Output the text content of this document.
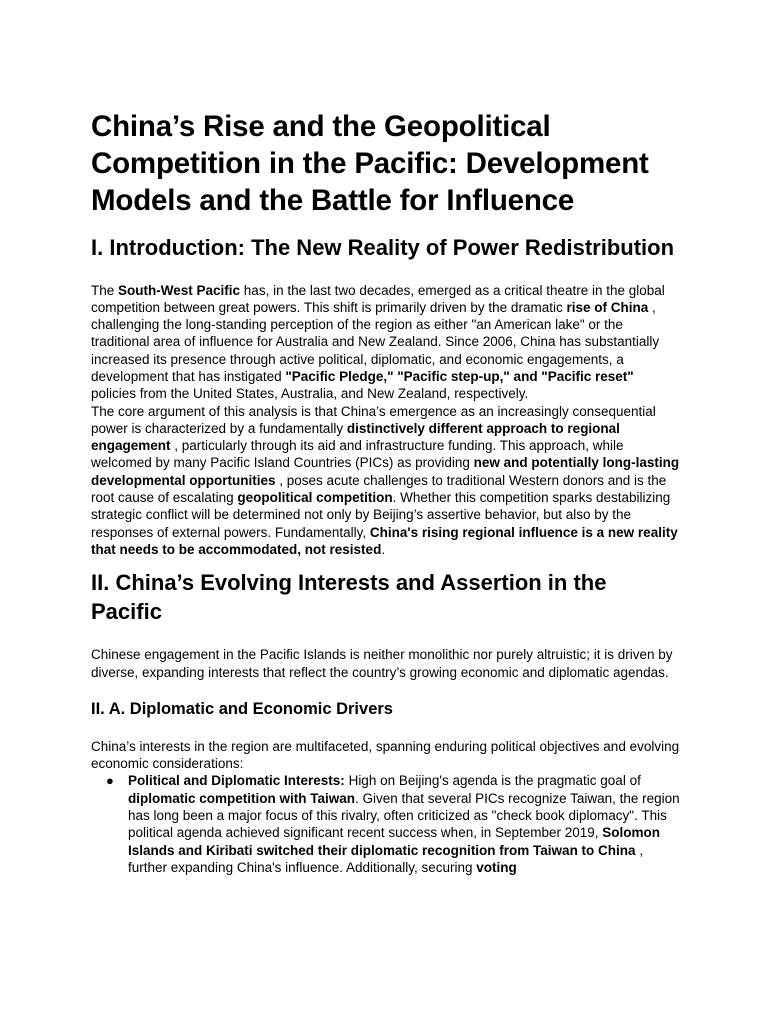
China’s Rise and the Geopolitical Competition in the Pacific: Development Models and the Battle for Influence
I. Introduction: The New Reality of Power Redistribution

The South-West Pacific has, in the last two decades, emerged as a critical theatre in the global competition between great powers. This shift is primarily driven by the dramatic rise of China , challenging the long-standing perception of the region as either "an American lake" or the traditional area of influence for Australia and New Zealand. Since 2006, China has substantially increased its presence through active political, diplomatic, and economic engagements, a development that has instigated "Pacific Pledge," "Pacific step-up," and "Pacific reset" policies from the United States, Australia, and New Zealand, respectively.

The core argument of this analysis is that China’s emergence as an increasingly consequential power is characterized by a fundamentally distinctively different approach to regional engagement , particularly through its aid and infrastructure funding. This approach, while welcomed by many Pacific Island Countries (PICs) as providing new and potentially long-lasting developmental opportunities , poses acute challenges to traditional Western donors and is the root cause of escalating geopolitical competition. Whether this competition sparks destabilizing strategic conflict will be determined not only by Beijing’s assertive behavior, but also by the responses of external powers. Fundamentally, China's rising regional influence is a new reality that needs to be accommodated, not resisted.

II. China’s Evolving Interests and Assertion in the Pacific

Chinese engagement in the Pacific Islands is neither monolithic nor purely altruistic; it is driven by diverse, expanding interests that reflect the country’s growing economic and diplomatic agendas.

II. A. Diplomatic and Economic Drivers

China’s interests in the region are multifaceted, spanning enduring political objectives and evolving economic considerations:

● Political and Diplomatic Interests: High on Beijing's agenda is the pragmatic goal of diplomatic competition with Taiwan. Given that several PICs recognize Taiwan, the region has long been a major focus of this rivalry, often criticized as "check book diplomacy". This political agenda achieved significant recent success when, in September 2019, Solomon Islands and Kiribati switched their diplomatic recognition from Taiwan to China , further expanding China's influence. Additionally, securing voting
